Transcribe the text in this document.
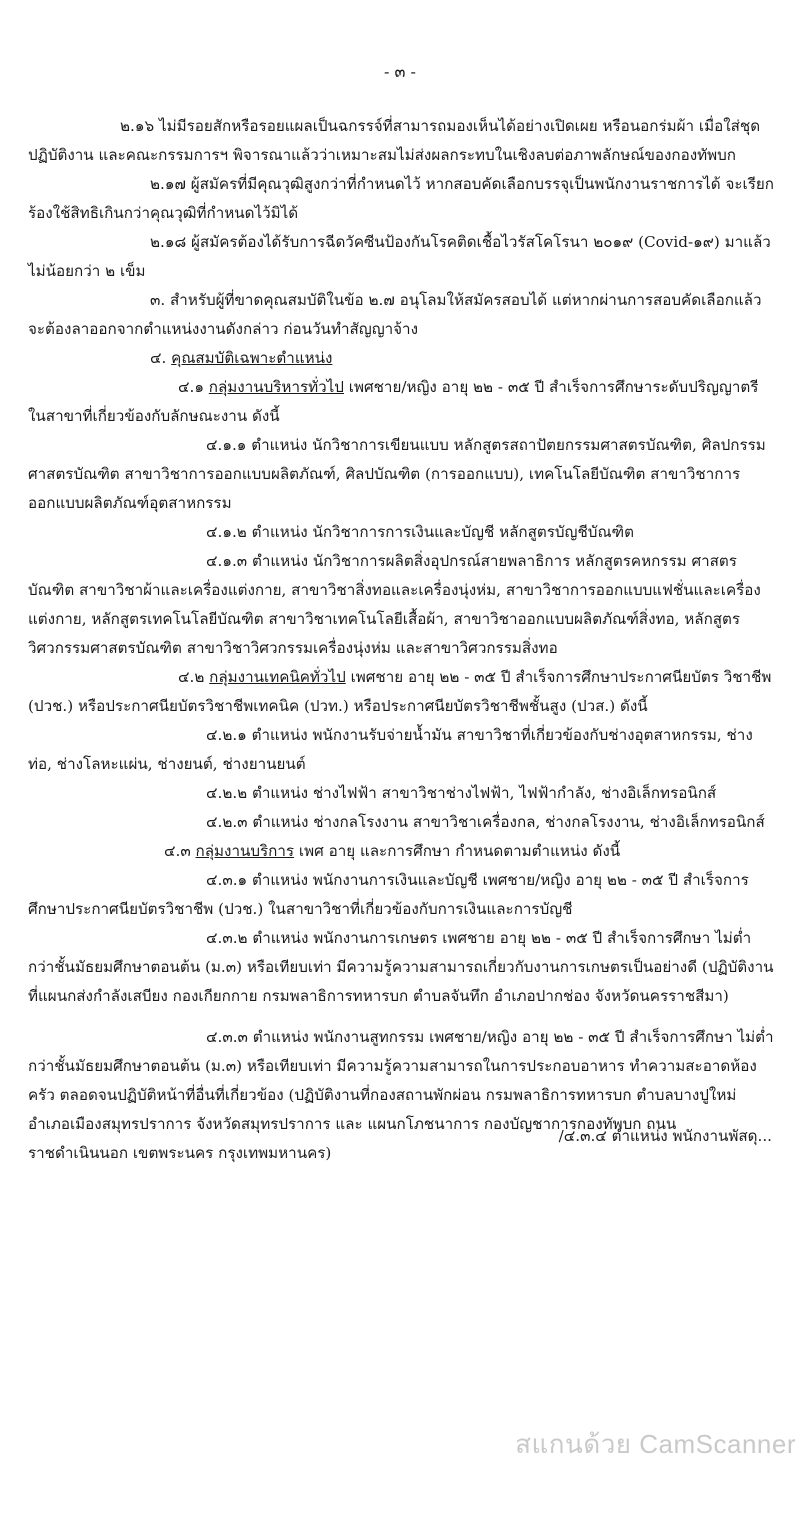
- ๓ -

๒.๑๖ ไม่มีรอยสักหรือรอยแผลเป็นฉกรรจ์ที่สามารถมองเห็นได้อย่างเปิดเผย หรือนอกร่มผ้า เมื่อใส่ชุดปฏิบัติงาน และคณะกรรมการฯ พิจารณาแล้วว่าเหมาะสมไม่ส่งผลกระทบในเชิงลบต่อภาพลักษณ์ของกองทัพบก

๒.๑๗ ผู้สมัครที่มีคุณวุฒิสูงกว่าที่กำหนดไว้ หากสอบคัดเลือกบรรจุเป็นพนักงานราชการได้ จะเรียกร้องใช้สิทธิเกินกว่าคุณวุฒิที่กำหนดไว้มิได้

๒.๑๘ ผู้สมัครต้องได้รับการฉีดวัคซีนป้องกันโรคติดเชื้อไวรัสโคโรนา ๒๐๑๙ (Covid-๑๙) มาแล้วไม่น้อยกว่า ๒ เข็ม

๓. สำหรับผู้ที่ขาดคุณสมบัติในข้อ ๒.๗ อนุโลมให้สมัครสอบได้ แต่หากผ่านการสอบคัดเลือกแล้ว จะต้องลาออกจากตำแหน่งงานดังกล่าว ก่อนวันทำสัญญาจ้าง

๔. คุณสมบัติเฉพาะตำแหน่ง

๔.๑ กลุ่มงานบริหารทั่วไป เพศชาย/หญิง อายุ ๒๒ - ๓๕ ปี สำเร็จการศึกษาระดับปริญญาตรี ในสาขาที่เกี่ยวข้องกับลักษณะงาน ดังนี้

๔.๑.๑ ตำแหน่ง นักวิชาการเขียนแบบ หลักสูตรสถาปัตยกรรมศาสตรบัณฑิต, ศิลปกรรมศาสตรบัณฑิต สาขาวิชาการออกแบบผลิตภัณฑ์, ศิลปบัณฑิต (การออกแบบ), เทคโนโลยีบัณฑิต สาขาวิชาการออกแบบผลิตภัณฑ์อุตสาหกรรม

๔.๑.๒ ตำแหน่ง นักวิชาการการเงินและบัญชี หลักสูตรบัญชีบัณฑิต

๔.๑.๓ ตำแหน่ง นักวิชาการผลิตสิ่งอุปกรณ์สายพลาธิการ หลักสูตรคหกรรม ศาสตรบัณฑิต สาขาวิชาผ้าและเครื่องแต่งกาย, สาขาวิชาสิ่งทอและเครื่องนุ่งห่ม, สาขาวิชาการออกแบบแฟชั่นและเครื่องแต่งกาย, หลักสูตรเทคโนโลยีบัณฑิต สาขาวิชาเทคโนโลยีเสื้อผ้า, สาขาวิชาออกแบบผลิตภัณฑ์สิ่งทอ, หลักสูตรวิศวกรรมศาสตรบัณฑิต สาขาวิชาวิศวกรรมเครื่องนุ่งห่ม และสาขาวิศวกรรมสิ่งทอ

๔.๒ กลุ่มงานเทคนิคทั่วไป เพศชาย อายุ ๒๒ - ๓๕ ปี สำเร็จการศึกษาประกาศนียบัตร วิชาชีพ (ปวช.) หรือประกาศนียบัตรวิชาชีพเทคนิค (ปวท.) หรือประกาศนียบัตรวิชาชีพชั้นสูง (ปวส.) ดังนี้

๔.๒.๑ ตำแหน่ง พนักงานรับจ่ายน้ำมัน สาขาวิชาที่เกี่ยวข้องกับช่างอุตสาหกรรม, ช่างท่อ, ช่างโลหะแผ่น, ช่างยนต์, ช่างยานยนต์

๔.๒.๒ ตำแหน่ง ช่างไฟฟ้า สาขาวิชาช่างไฟฟ้า, ไฟฟ้ากำลัง, ช่างอิเล็กทรอนิกส์

๔.๒.๓ ตำแหน่ง ช่างกลโรงงาน สาขาวิชาเครื่องกล, ช่างกลโรงงาน, ช่างอิเล็กทรอนิกส์

๔.๓ กลุ่มงานบริการ เพศ อายุ และการศึกษา กำหนดตามตำแหน่ง ดังนี้

๔.๓.๑ ตำแหน่ง พนักงานการเงินและบัญชี เพศชาย/หญิง อายุ ๒๒ - ๓๕ ปี สำเร็จการศึกษาประกาศนียบัตรวิชาชีพ (ปวช.) ในสาขาวิชาที่เกี่ยวข้องกับการเงินและการบัญชี

๔.๓.๒ ตำแหน่ง พนักงานการเกษตร เพศชาย อายุ ๒๒ - ๓๕ ปี สำเร็จการศึกษา ไม่ต่ำกว่าชั้นมัธยมศึกษาตอนต้น (ม.๓) หรือเทียบเท่า มีความรู้ความสามารถเกี่ยวกับงานการเกษตรเป็นอย่างดี (ปฏิบัติงานที่แผนกส่งกำลังเสบียง กองเกียกกาย กรมพลาธิการทหารบก ตำบลจันทึก อำเภอปากช่อง จังหวัดนครราชสีมา)

๔.๓.๓ ตำแหน่ง พนักงานสูทกรรม เพศชาย/หญิง อายุ ๒๒ - ๓๕ ปี สำเร็จการศึกษา ไม่ต่ำกว่าชั้นมัธยมศึกษาตอนต้น (ม.๓) หรือเทียบเท่า มีความรู้ความสามารถในการประกอบอาหาร ทำความสะอาดห้องครัว ตลอดจนปฏิบัติหน้าที่อื่นที่เกี่ยวข้อง (ปฏิบัติงานที่กองสถานพักผ่อน กรมพลาธิการทหารบก ตำบลบางปูใหม่ อำเภอเมืองสมุทรปราการ จังหวัดสมุทรปราการ และ แผนกโภชนาการ กองบัญชาการกองทัพบก ถนนราชดำเนินนอก เขตพระนคร กรุงเทพมหานคร)

/๔.๓.๔ ตำแหน่ง พนักงานพัสดุ...
สแกนด้วย CamScanner
